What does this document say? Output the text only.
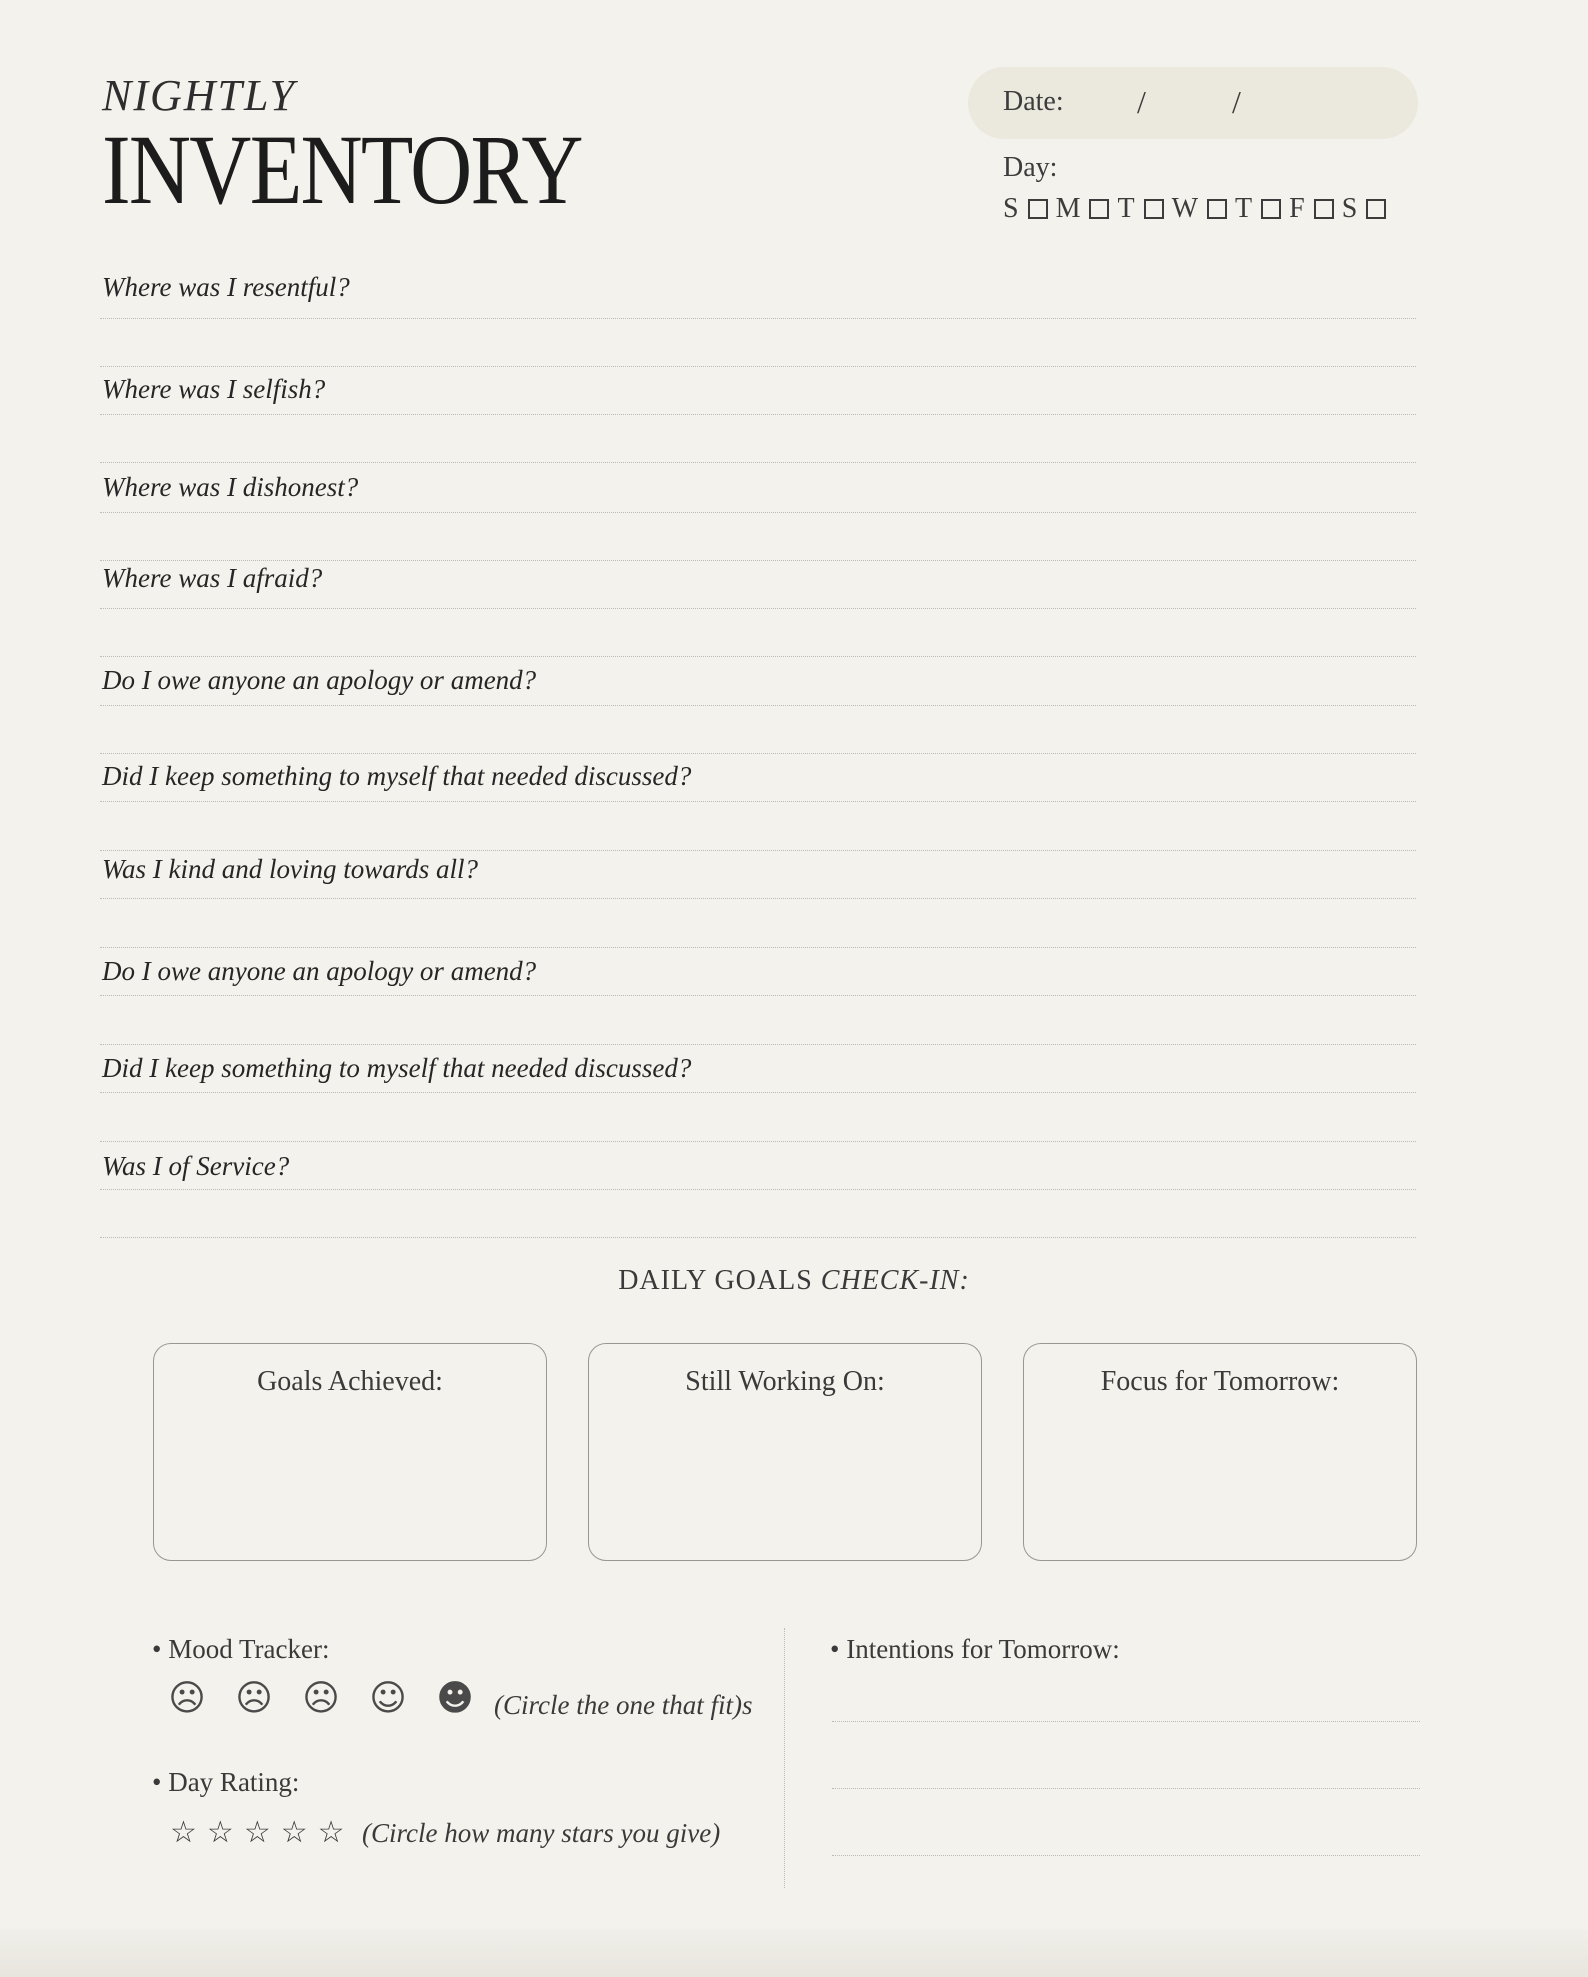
NIGHTLY
INVENTORY
Date: /	/
Day:
S M T W T F S
Where was I resentful?
Where was I selfish?
Where was I dishonest?
Where was I afraid?
Do I owe anyone an apology or amend?
Did I keep something to myself that needed discussed?
Was I kind and loving towards all?
Do I owe anyone an apology or amend?
Did I keep something to myself that needed discussed?
Was I of Service?
DAILY GOALS CHECK-IN:
Goals Achieved:	Still Working On:	Focus for Tomorrow:
• Mood Tracker:
☹ ☹ ☹ ☺ ☻ (Circle the one that fit)s
• Day Rating:
☆ ☆ ☆ ☆ ☆ (Circle how many stars you give)
• Intentions for Tomorrow:
